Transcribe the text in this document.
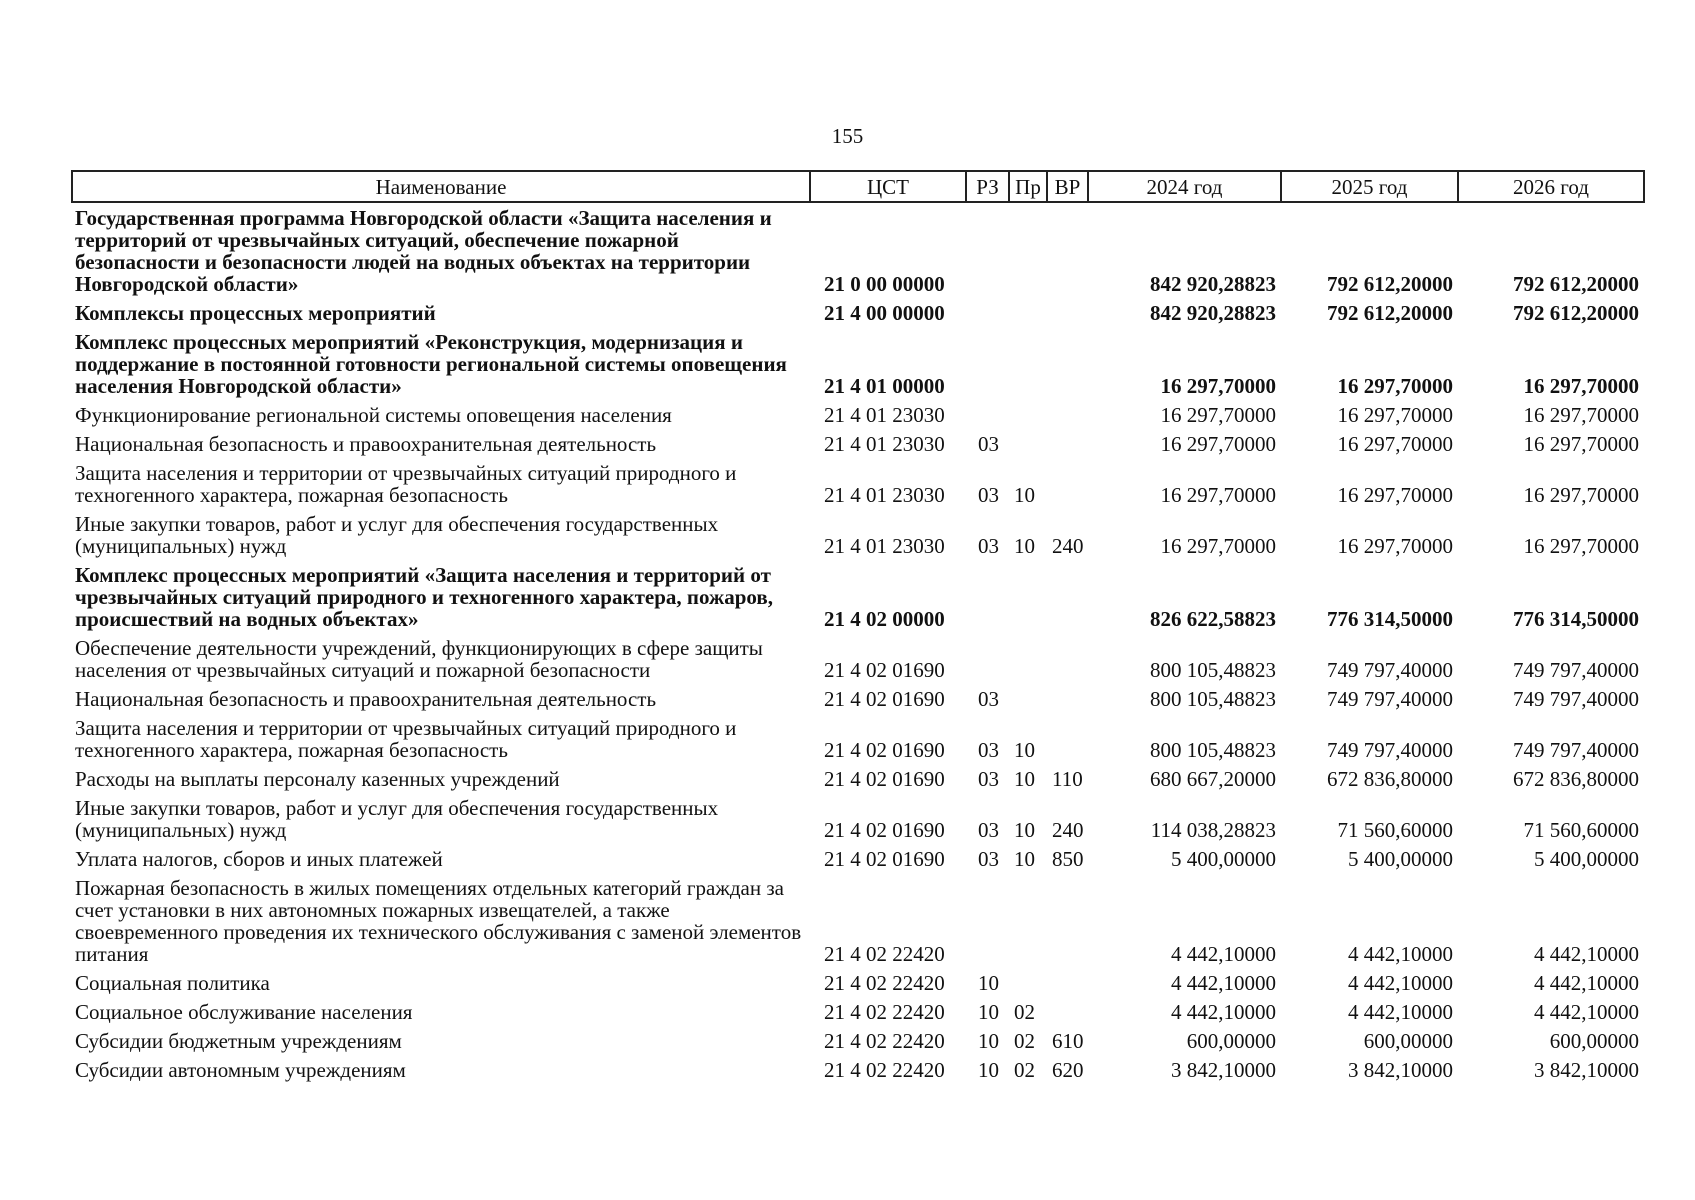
155
Наименование	ЦСТ	РЗ	Пр	ВР	2024 год	2025 год	2026 год
Государственная программа Новгородской области «Защита населения и территорий от чрезвычайных ситуаций, обеспечение пожарной безопасности и безопасности людей на водных объектах на территории Новгородской области»	21 0 00 00000				842 920,28823	792 612,20000	792 612,20000
Комплексы процессных мероприятий	21 4 00 00000				842 920,28823	792 612,20000	792 612,20000
Комплекс процессных мероприятий «Реконструкция, модернизация и поддержание в постоянной готовности региональной системы оповещения населения Новгородской области»	21 4 01 00000				16 297,70000	16 297,70000	16 297,70000
Функционирование региональной системы оповещения населения	21 4 01 23030				16 297,70000	16 297,70000	16 297,70000
Национальная безопасность и правоохранительная деятельность	21 4 01 23030	03			16 297,70000	16 297,70000	16 297,70000
Защита населения и территории от чрезвычайных ситуаций природного и техногенного характера, пожарная безопасность	21 4 01 23030	03	10		16 297,70000	16 297,70000	16 297,70000
Иные закупки товаров, работ и услуг для обеспечения государственных (муниципальных) нужд	21 4 01 23030	03	10	240	16 297,70000	16 297,70000	16 297,70000
Комплекс процессных мероприятий «Защита населения и территорий от чрезвычайных ситуаций природного и техногенного характера, пожаров, происшествий на водных объектах»	21 4 02 00000				826 622,58823	776 314,50000	776 314,50000
Обеспечение деятельности учреждений, функционирующих в сфере защиты населения от чрезвычайных ситуаций и пожарной безопасности	21 4 02 01690				800 105,48823	749 797,40000	749 797,40000
Национальная безопасность и правоохранительная деятельность	21 4 02 01690	03			800 105,48823	749 797,40000	749 797,40000
Защита населения и территории от чрезвычайных ситуаций природного и техногенного характера, пожарная безопасность	21 4 02 01690	03	10		800 105,48823	749 797,40000	749 797,40000
Расходы на выплаты персоналу казенных учреждений	21 4 02 01690	03	10	110	680 667,20000	672 836,80000	672 836,80000
Иные закупки товаров, работ и услуг для обеспечения государственных (муниципальных) нужд	21 4 02 01690	03	10	240	114 038,28823	71 560,60000	71 560,60000
Уплата налогов, сборов и иных платежей	21 4 02 01690	03	10	850	5 400,00000	5 400,00000	5 400,00000
Пожарная безопасность в жилых помещениях отдельных категорий граждан за счет установки в них автономных пожарных извещателей, а также своевременного проведения их технического обслуживания с заменой элементов питания	21 4 02 22420				4 442,10000	4 442,10000	4 442,10000
Социальная политика	21 4 02 22420	10			4 442,10000	4 442,10000	4 442,10000
Социальное обслуживание населения	21 4 02 22420	10	02		4 442,10000	4 442,10000	4 442,10000
Субсидии бюджетным учреждениям	21 4 02 22420	10	02	610	600,00000	600,00000	600,00000
Субсидии автономным учреждениям	21 4 02 22420	10	02	620	3 842,10000	3 842,10000	3 842,10000
